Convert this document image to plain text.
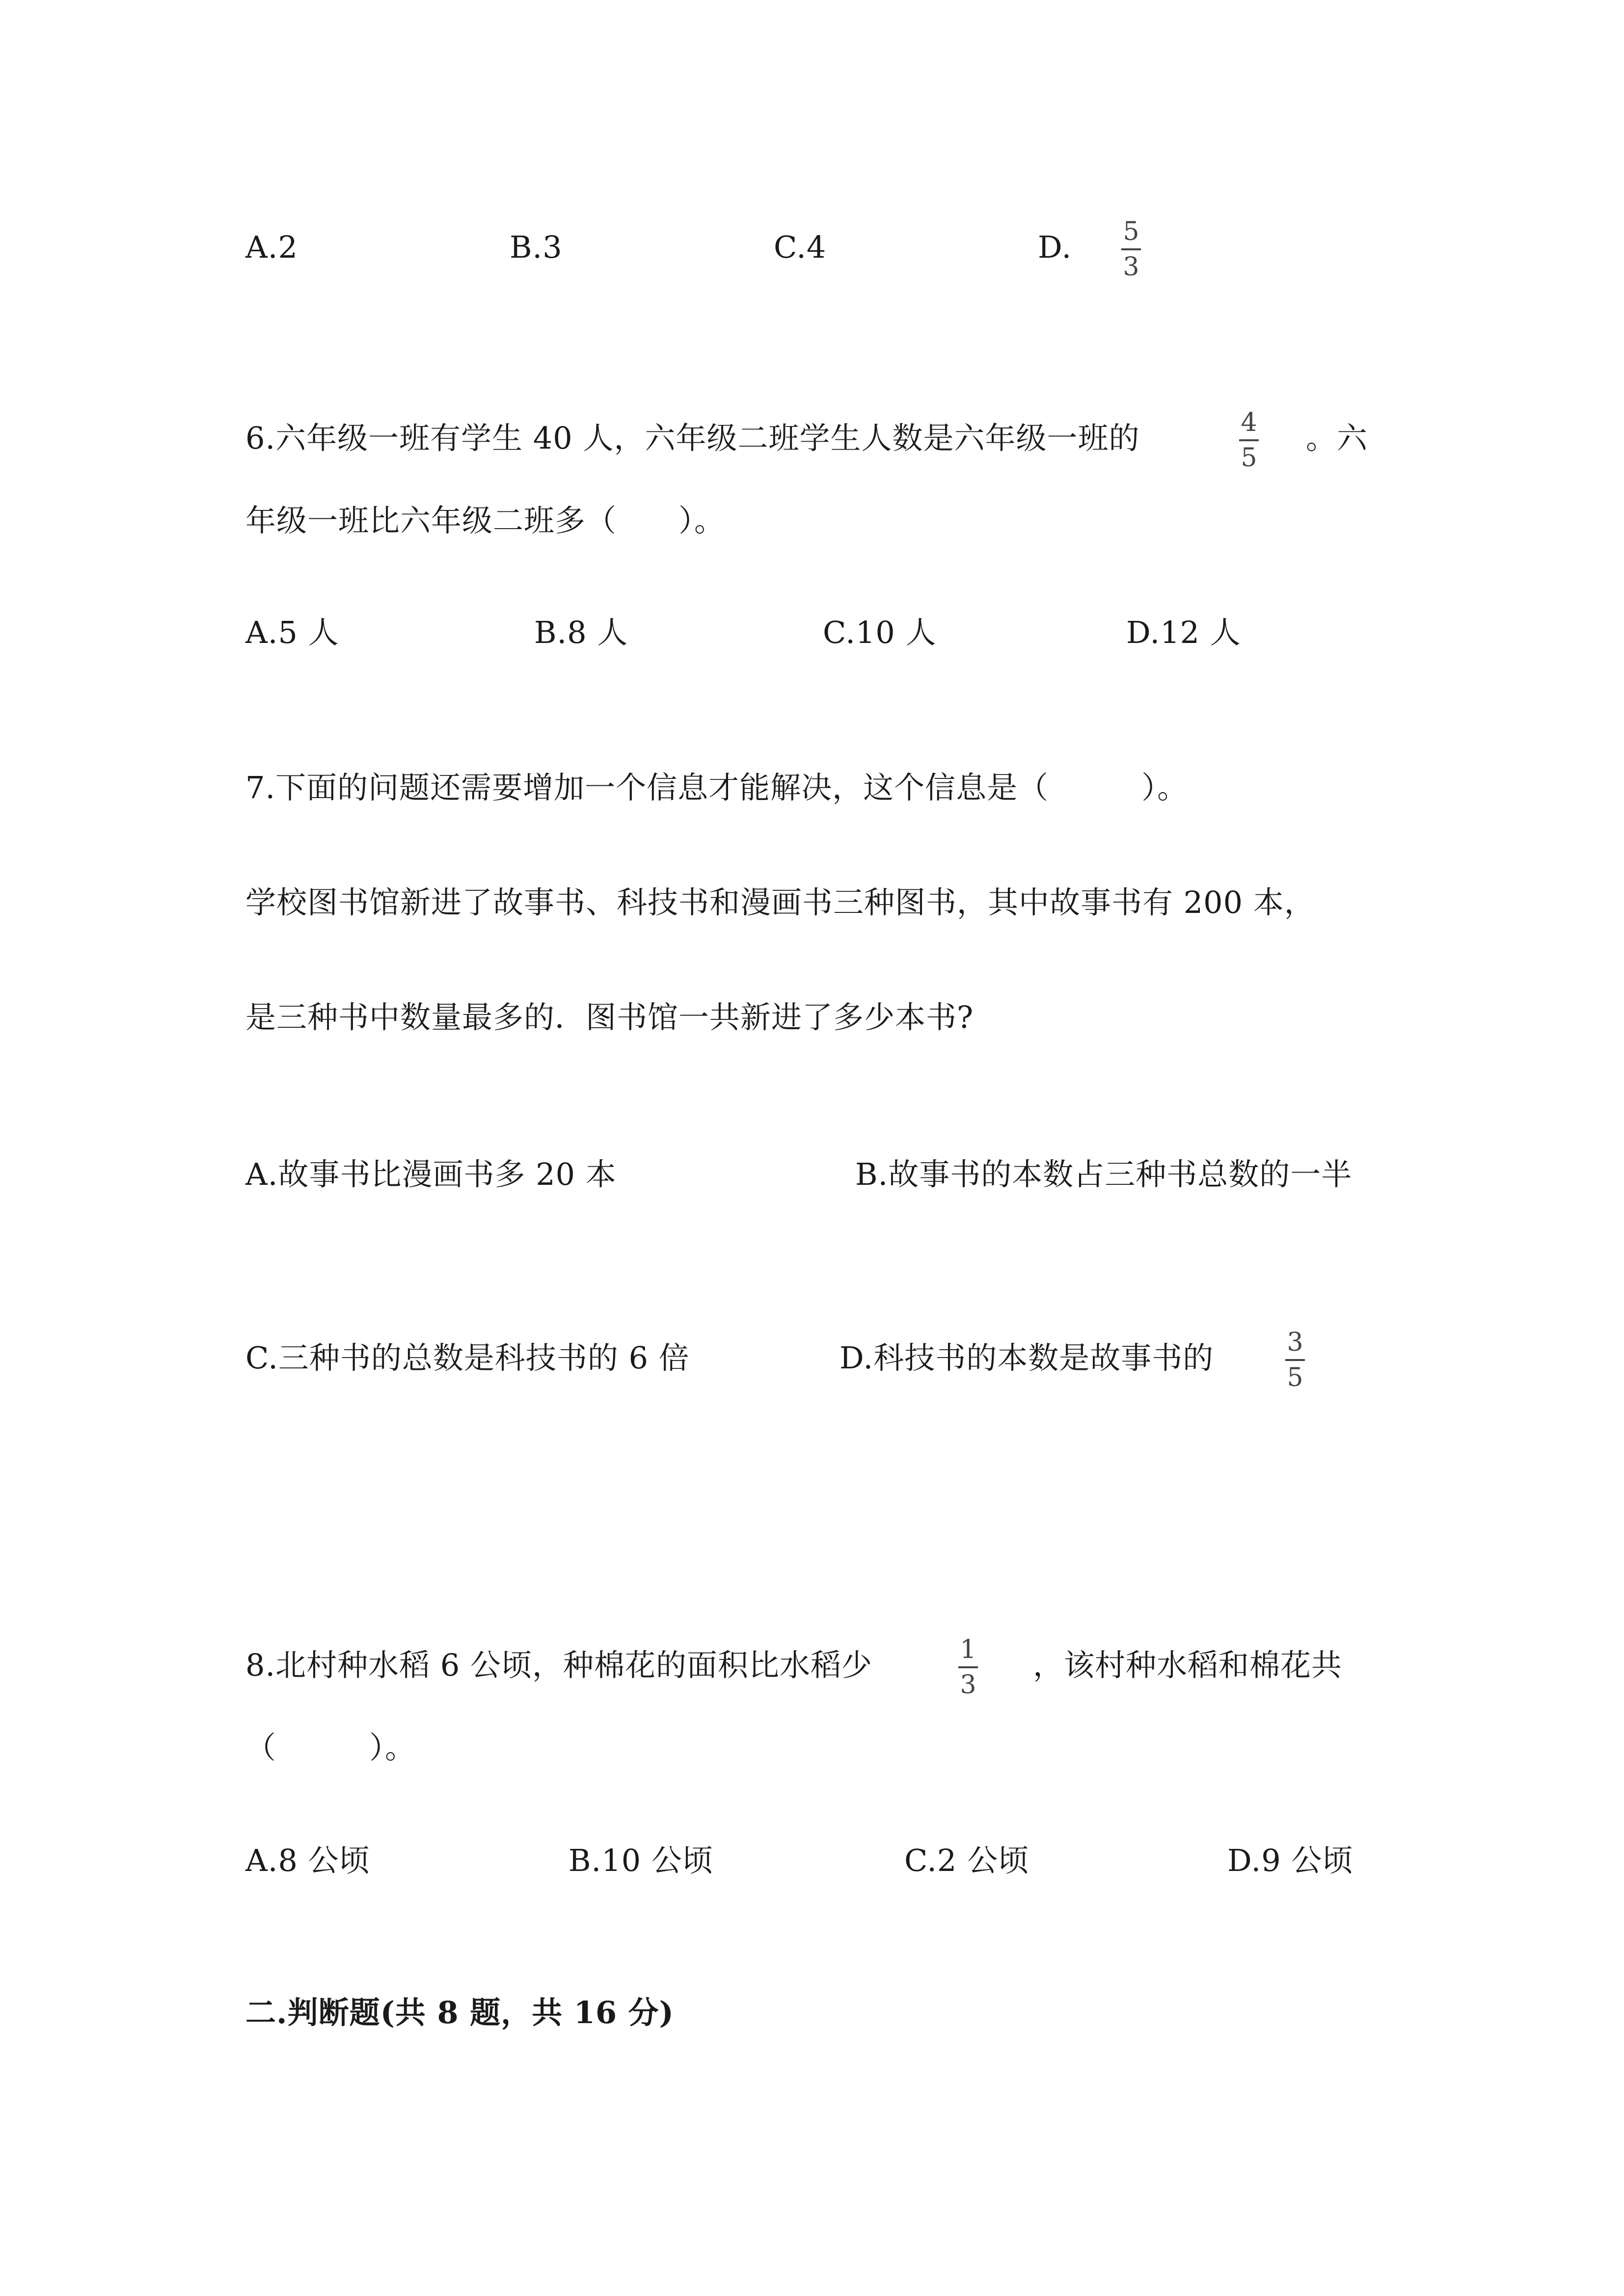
A.2	B.3	C.4	D. 5
3
6.六年级一班有学生 40 人，六年级二班学生人数是六年级一班的	4
5
。六
年级一班比六年级二班多（　　）。
A.5 人	B.8 人	C.10 人	D.12 人
7.下面的问题还需要增加一个信息才能解决，这个信息是（　　　）。
学校图书馆新进了故事书、科技书和漫画书三种图书，其中故事书有 200 本，
是三种书中数量最多的．图书馆一共新进了多少本书?
A.故事书比漫画书多 20 本	B.故事书的本数占三种书总数的一半
C.三种书的总数是科技书的 6 倍	D.科技书的本数是故事书的	3
5
8.北村种水稻 6 公顷，种棉花的面积比水稻少	1
3
，该村种水稻和棉花共
（　　　）。
A.8 公顷	B.10 公顷	C.2 公顷	D.9 公顷
二.判断题(共 8 题，共 16 分)
